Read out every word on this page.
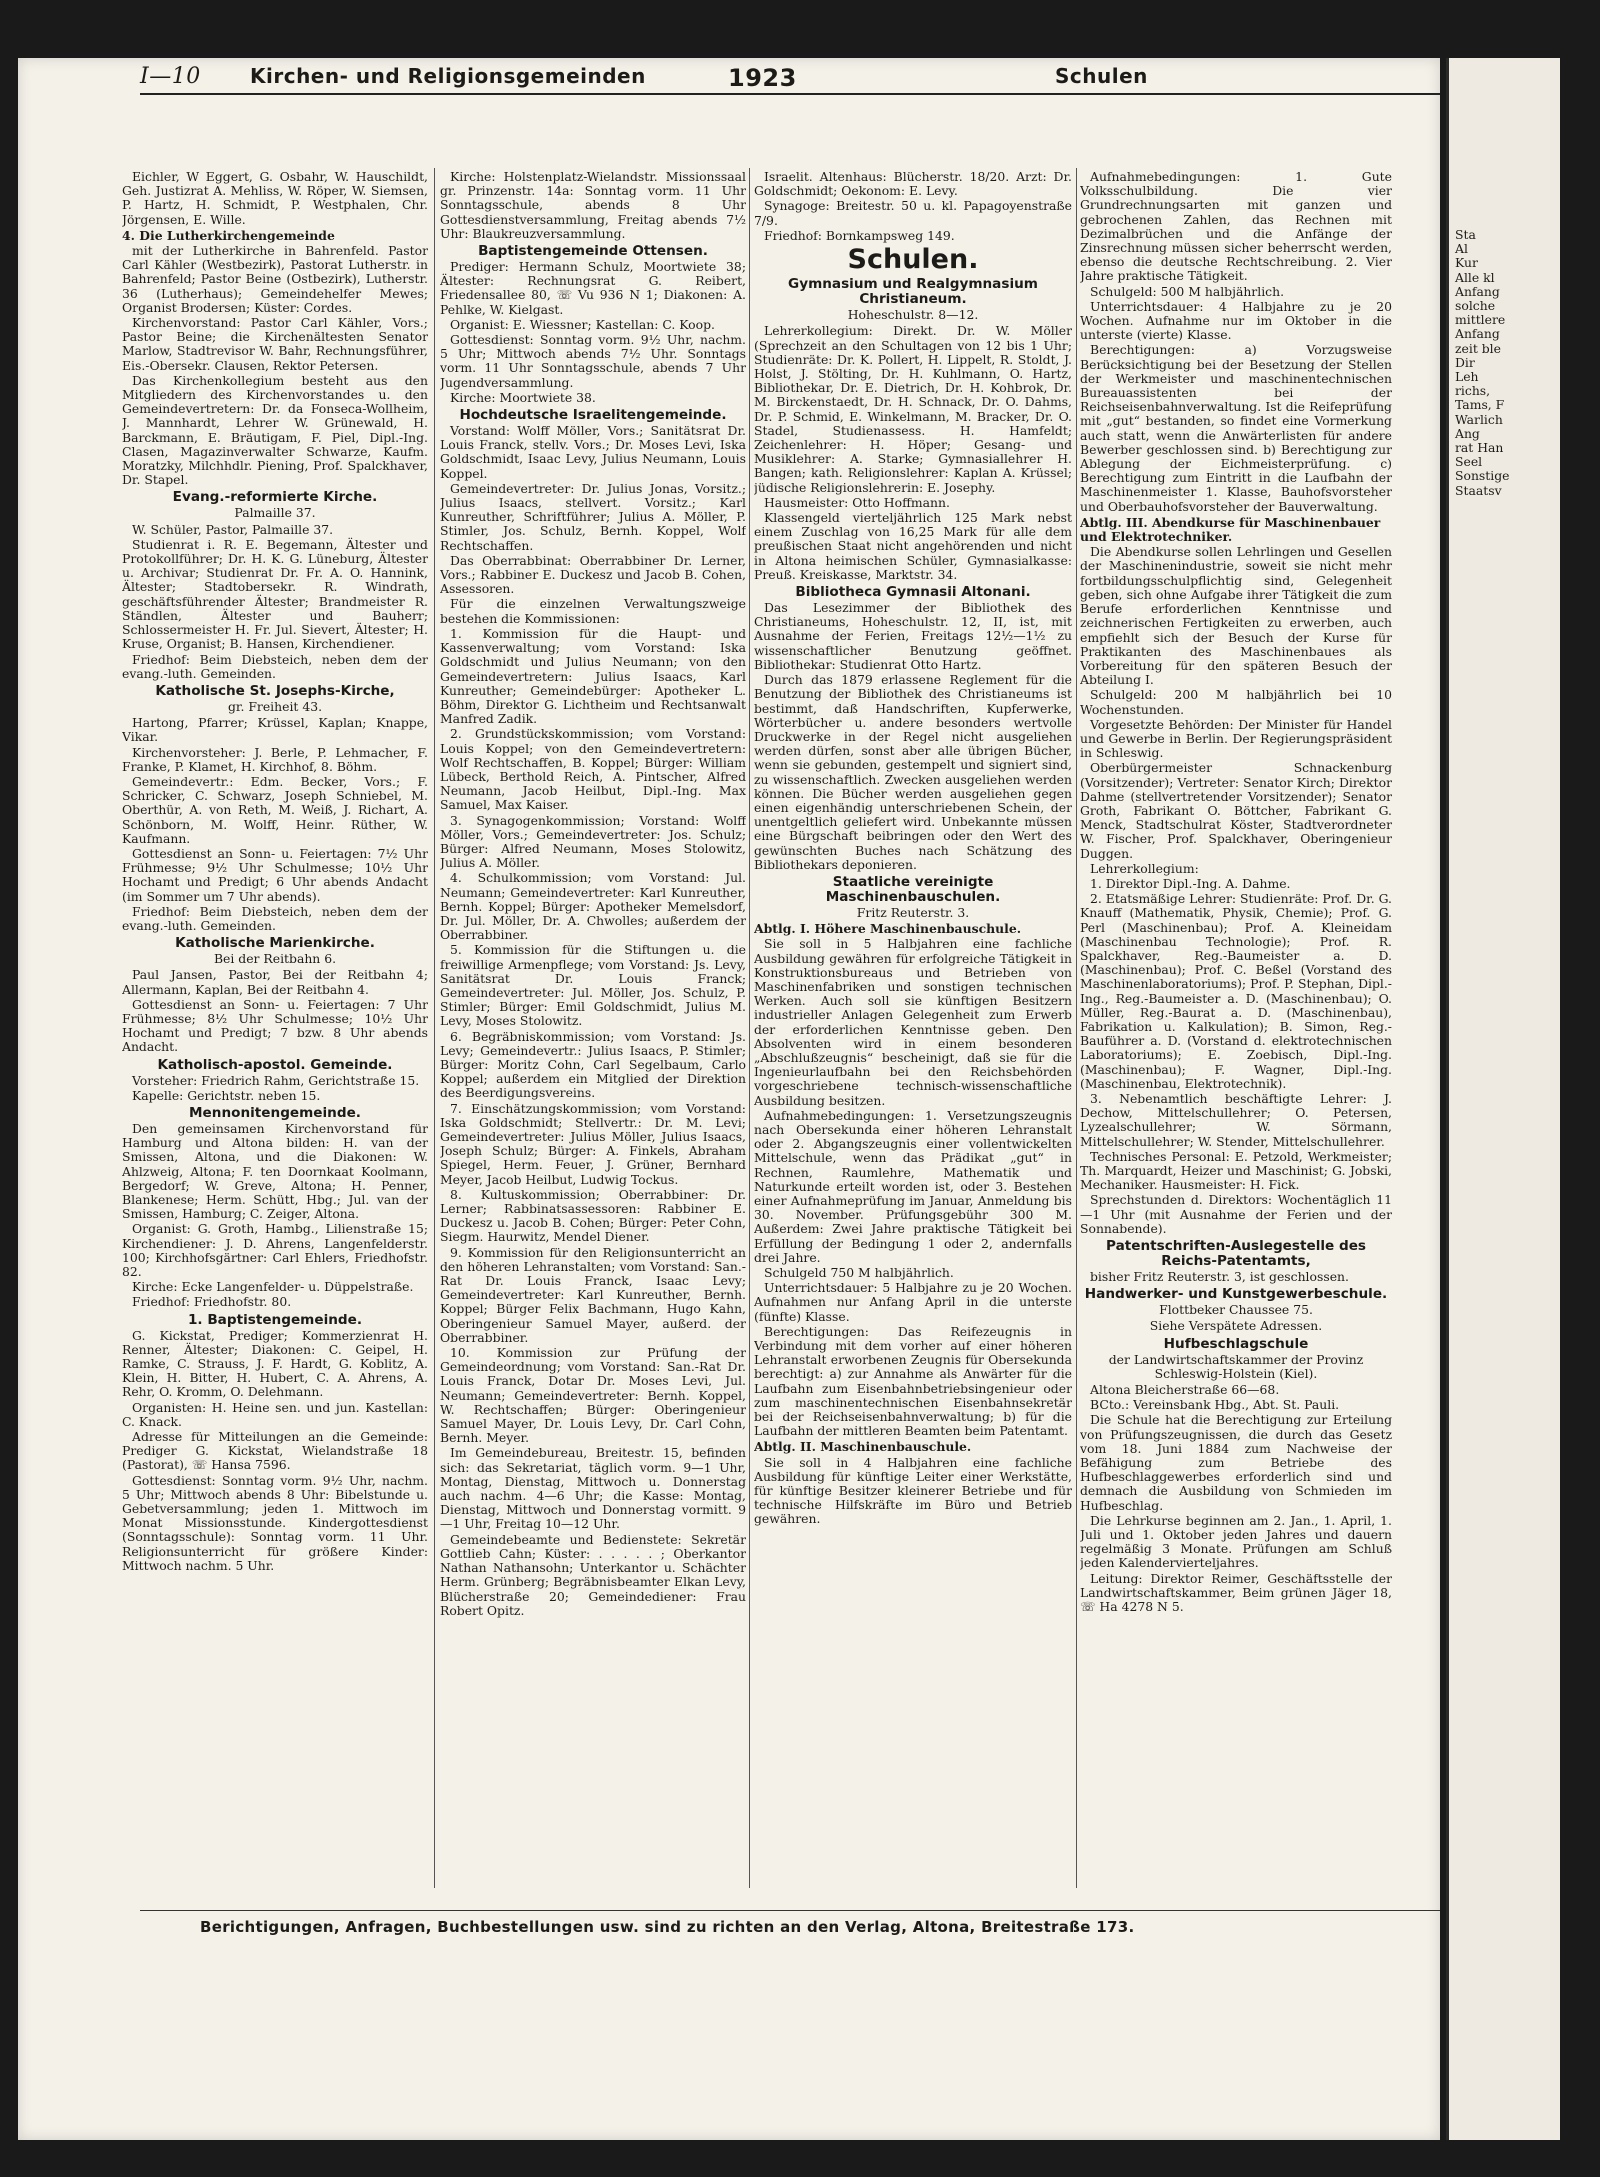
Sta
Al
Kur
Alle kl
Anfang
solche
mittlere
Anfang
zeit ble
Dir
Leh
richs,
Tams, F
Warlich
Ang
rat Han
Seel
Sonstige
Staatsv
I—10 Kirchen- und Religionsgemeinden	1923	Schulen

Eichler, W Eggert, G. Osbahr, W. Hauschildt, Geh. Justizrat A. Mehliss, W. Röper, W. Siemsen, P. Hartz, H. Schmidt, P. Westphalen, Chr. Jörgensen, E. Wille.

4. Die Lutherkirchengemeinde

mit der Lutherkirche in Bahrenfeld. Pastor Carl Kähler (Westbezirk), Pastorat Lutherstr. in Bahrenfeld; Pastor Beine (Ostbezirk), Lutherstr. 36 (Lutherhaus); Gemeindehelfer Mewes; Organist Brodersen; Küster: Cordes.

Kirchenvorstand: Pastor Carl Kähler, Vors.; Pastor Beine; die Kirchenältesten Senator Marlow, Stadtrevisor W. Bahr, Rechnungsführer, Eis.-Obersekr. Clausen, Rektor Petersen.

Das Kirchenkollegium besteht aus den Mitgliedern des Kirchenvorstandes u. den Gemeindevertretern: Dr. da Fonseca-Wollheim, J. Mannhardt, Lehrer W. Grünewald, H. Barckmann, E. Bräutigam, F. Piel, Dipl.-Ing. Clasen, Magazinverwalter Schwarze, Kaufm. Moratzky, Milchhdlr. Piening, Prof. Spalckhaver, Dr. Stapel.

Evang.-reformierte Kirche.
Palmaille 37.

W. Schüler, Pastor, Palmaille 37.

Studienrat i. R. E. Begemann, Ältester und Protokollführer; Dr. H. K. G. Lüneburg, Ältester u. Archivar; Studienrat Dr. Fr. A. O. Hannink, Ältester; Stadtobersekr. R. Windrath, geschäftsführender Ältester; Brandmeister R. Ständlen, Ältester und Bauherr; Schlossermeister H. Fr. Jul. Sievert, Ältester; H. Kruse, Organist; B. Hansen, Kirchendiener.

Friedhof: Beim Diebsteich, neben dem der evang.-luth. Gemeinden.

Katholische St. Josephs-Kirche,
gr. Freiheit 43.

Hartong, Pfarrer; Krüssel, Kaplan; Knappe, Vikar.

Kirchenvorsteher: J. Berle, P. Lehmacher, F. Franke, P. Klamet, H. Kirchhof, 8. Böhm.

Gemeindevertr.: Edm. Becker, Vors.; F. Schricker, C. Schwarz, Joseph Schniebel, M. Oberthür, A. von Reth, M. Weiß, J. Richart, A. Schönborn, M. Wolff, Heinr. Rüther, W. Kaufmann.

Gottesdienst an Sonn- u. Feiertagen: 7½ Uhr Frühmesse; 9½ Uhr Schulmesse; 10½ Uhr Hochamt und Predigt; 6 Uhr abends Andacht (im Sommer um 7 Uhr abends).

Friedhof: Beim Diebsteich, neben dem der evang.-luth. Gemeinden.

Katholische Marienkirche.
Bei der Reitbahn 6.

Paul Jansen, Pastor, Bei der Reitbahn 4; Allermann, Kaplan, Bei der Reitbahn 4.

Gottesdienst an Sonn- u. Feiertagen: 7 Uhr Frühmesse; 8½ Uhr Schulmesse; 10½ Uhr Hochamt und Predigt; 7 bzw. 8 Uhr abends Andacht.

Katholisch-apostol. Gemeinde.

Vorsteher: Friedrich Rahm, Gerichtstraße 15.

Kapelle: Gerichtstr. neben 15.

Mennonitengemeinde.

Den gemeinsamen Kirchenvorstand für Hamburg und Altona bilden: H. van der Smissen, Altona, und die Diakonen: W. Ahlzweig, Altona; F. ten Doornkaat Koolmann, Bergedorf; W. Greve, Altona; H. Penner, Blankenese; Herm. Schütt, Hbg.; Jul. van der Smissen, Hamburg; C. Zeiger, Altona.

Organist: G. Groth, Hambg., Lilienstraße 15; Kirchendiener: J. D. Ahrens, Langenfelderstr. 100; Kirchhofsgärtner: Carl Ehlers, Friedhofstr. 82.

Kirche: Ecke Langenfelder- u. Düppelstraße.

Friedhof: Friedhofstr. 80.

1. Baptistengemeinde.

G. Kickstat, Prediger; Kommerzienrat H. Renner, Ältester; Diakonen: C. Geipel, H. Ramke, C. Strauss, J. F. Hardt, G. Koblitz, A. Klein, H. Bitter, H. Hubert, C. A. Ahrens, A. Rehr, O. Kromm, O. Delehmann.

Organisten: H. Heine sen. und jun. Kastellan: C. Knack.

Adresse für Mitteilungen an die Gemeinde: Prediger G. Kickstat, Wielandstraße 18 (Pastorat), ☏ Hansa 7596.

Gottesdienst: Sonntag vorm. 9½ Uhr, nachm. 5 Uhr; Mittwoch abends 8 Uhr: Bibelstunde u. Gebetversammlung; jeden 1. Mittwoch im Monat Missionsstunde. Kindergottesdienst (Sonntagsschule): Sonntag vorm. 11 Uhr. Religionsunterricht für größere Kinder: Mittwoch nachm. 5 Uhr.

Kirche: Holstenplatz-Wielandstr. Missionssaal gr. Prinzenstr. 14a: Sonntag vorm. 11 Uhr Sonntagsschule, abends 8 Uhr Gottesdienstversammlung, Freitag abends 7½ Uhr: Blaukreuzversammlung.

Baptistengemeinde Ottensen.

Prediger: Hermann Schulz, Moortwiete 38; Ältester: Rechnungsrat G. Reibert, Friedensallee 80, ☏ Vu 936 N 1; Diakonen: A. Pehlke, W. Kielgast.

Organist: E. Wiessner; Kastellan: C. Koop.

Gottesdienst: Sonntag vorm. 9½ Uhr, nachm. 5 Uhr; Mittwoch abends 7½ Uhr. Sonntags vorm. 11 Uhr Sonntagsschule, abends 7 Uhr Jugendversammlung.

Kirche: Moortwiete 38.

Hochdeutsche Israelitengemeinde.

Vorstand: Wolff Möller, Vors.; Sanitätsrat Dr. Louis Franck, stellv. Vors.; Dr. Moses Levi, Iska Goldschmidt, Isaac Levy, Julius Neumann, Louis Koppel.

Gemeindevertreter: Dr. Julius Jonas, Vorsitz.; Julius Isaacs, stellvert. Vorsitz.; Karl Kunreuther, Schriftführer; Julius A. Möller, P. Stimler, Jos. Schulz, Bernh. Koppel, Wolf Rechtschaffen.

Das Oberrabbinat: Oberrabbiner Dr. Lerner, Vors.; Rabbiner E. Duckesz und Jacob B. Cohen, Assessoren.

Für die einzelnen Verwaltungszweige bestehen die Kommissionen:

1. Kommission für die Haupt- und Kassenverwaltung; vom Vorstand: Iska Goldschmidt und Julius Neumann; von den Gemeindevertretern: Julius Isaacs, Karl Kunreuther; Gemeindebürger: Apotheker L. Böhm, Direktor G. Lichtheim und Rechtsanwalt Manfred Zadik.

2. Grundstückskommission; vom Vorstand: Louis Koppel; von den Gemeindevertretern: Wolf Rechtschaffen, B. Koppel; Bürger: William Lübeck, Berthold Reich, A. Pintscher, Alfred Neumann, Jacob Heilbut, Dipl.-Ing. Max Samuel, Max Kaiser.

3. Synagogenkommission; Vorstand: Wolff Möller, Vors.; Gemeindevertreter: Jos. Schulz; Bürger: Alfred Neumann, Moses Stolowitz, Julius A. Möller.

4. Schulkommission; vom Vorstand: Jul. Neumann; Gemeindevertreter: Karl Kunreuther, Bernh. Koppel; Bürger: Apotheker Memelsdorf, Dr. Jul. Möller, Dr. A. Chwolles; außerdem der Oberrabbiner.

5. Kommission für die Stiftungen u. die freiwillige Armenpflege; vom Vorstand: Js. Levy, Sanitätsrat Dr. Louis Franck; Gemeindevertreter: Jul. Möller, Jos. Schulz, P. Stimler; Bürger: Emil Goldschmidt, Julius M. Levy, Moses Stolowitz.

6. Begräbniskommission; vom Vorstand: Js. Levy; Gemeindevertr.: Julius Isaacs, P. Stimler; Bürger: Moritz Cohn, Carl Segelbaum, Carlo Koppel; außerdem ein Mitglied der Direktion des Beerdigungsvereins.

7. Einschätzungskommission; vom Vorstand: Iska Goldschmidt; Stellvertr.: Dr. M. Levi; Gemeindevertreter: Julius Möller, Julius Isaacs, Joseph Schulz; Bürger: A. Finkels, Abraham Spiegel, Herm. Feuer, J. Grüner, Bernhard Meyer, Jacob Heilbut, Ludwig Tockus.

8. Kultuskommission; Oberrabbiner: Dr. Lerner; Rabbinatsassessoren: Rabbiner E. Duckesz u. Jacob B. Cohen; Bürger: Peter Cohn, Siegm. Haurwitz, Mendel Diener.

9. Kommission für den Religionsunterricht an den höheren Lehranstalten; vom Vorstand: San.-Rat Dr. Louis Franck, Isaac Levy; Gemeindevertreter: Karl Kunreuther, Bernh. Koppel; Bürger Felix Bachmann, Hugo Kahn, Oberingenieur Samuel Mayer, außerd. der Oberrabbiner.

10. Kommission zur Prüfung der Gemeindeordnung; vom Vorstand: San.-Rat Dr. Louis Franck, Dotar Dr. Moses Levi, Jul. Neumann; Gemeindevertreter: Bernh. Koppel, W. Rechtschaffen; Bürger: Oberingenieur Samuel Mayer, Dr. Louis Levy, Dr. Carl Cohn, Bernh. Meyer.

Im Gemeindebureau, Breitestr. 15, befinden sich: das Sekretariat, täglich vorm. 9—1 Uhr, Montag, Dienstag, Mittwoch u. Donnerstag auch nachm. 4—6 Uhr; die Kasse: Montag, Dienstag, Mittwoch und Donnerstag vormitt. 9—1 Uhr, Freitag 10—12 Uhr.

Gemeindebeamte und Bedienstete: Sekretär Gottlieb Cahn; Küster: . . . . . ; Oberkantor Nathan Nathansohn; Unterkantor u. Schächter Herm. Grünberg; Begräbnisbeamter Elkan Levy, Blücherstraße 20; Gemeindediener: Frau Robert Opitz.

Israelit. Altenhaus: Blücherstr. 18/20. Arzt: Dr. Goldschmidt; Oekonom: E. Levy.

Synagoge: Breitestr. 50 u. kl. Papagoyenstraße 7/9.

Friedhof: Bornkampsweg 149.

Schulen.
Gymnasium und Realgymnasium Christianeum.
Hoheschulstr. 8—12.

Lehrerkollegium: Direkt. Dr. W. Möller (Sprechzeit an den Schultagen von 12 bis 1 Uhr; Studienräte: Dr. K. Pollert, H. Lippelt, R. Stoldt, J. Holst, J. Stölting, Dr. H. Kuhlmann, O. Hartz, Bibliothekar, Dr. E. Dietrich, Dr. H. Kohbrok, Dr. M. Birckenstaedt, Dr. H. Schnack, Dr. O. Dahms, Dr. P. Schmid, E. Winkelmann, M. Bracker, Dr. O. Stadel, Studienassess. H. Hamfeldt; Zeichenlehrer: H. Höper; Gesang- und Musiklehrer: A. Starke; Gymnasiallehrer H. Bangen; kath. Religionslehrer: Kaplan A. Krüssel; jüdische Religionslehrerin: E. Josephy.

Hausmeister: Otto Hoffmann.

Klassengeld vierteljährlich 125 Mark nebst einem Zuschlag von 16,25 Mark für alle dem preußischen Staat nicht angehörenden und nicht in Altona heimischen Schüler, Gymnasialkasse: Preuß. Kreiskasse, Marktstr. 34.

Bibliotheca Gymnasii Altonani.

Das Lesezimmer der Bibliothek des Christianeums, Hoheschulstr. 12, II, ist, mit Ausnahme der Ferien, Freitags 12½—1½ zu wissenschaftlicher Benutzung geöffnet. Bibliothekar: Studienrat Otto Hartz.

Durch das 1879 erlassene Reglement für die Benutzung der Bibliothek des Christianeums ist bestimmt, daß Handschriften, Kupferwerke, Wörterbücher u. andere besonders wertvolle Druckwerke in der Regel nicht ausgeliehen werden dürfen, sonst aber alle übrigen Bücher, wenn sie gebunden, gestempelt und signiert sind, zu wissenschaftlich. Zwecken ausgeliehen werden können. Die Bücher werden ausgeliehen gegen einen eigenhändig unterschriebenen Schein, der unentgeltlich geliefert wird. Unbekannte müssen eine Bürgschaft beibringen oder den Wert des gewünschten Buches nach Schätzung des Bibliothekars deponieren.

Staatliche vereinigte Maschinenbauschulen.
Fritz Reuterstr. 3.
Abtlg. I. Höhere Maschinenbauschule.

Sie soll in 5 Halbjahren eine fachliche Ausbildung gewähren für erfolgreiche Tätigkeit in Konstruktionsbureaus und Betrieben von Maschinenfabriken und sonstigen technischen Werken. Auch soll sie künftigen Besitzern industrieller Anlagen Gelegenheit zum Erwerb der erforderlichen Kenntnisse geben. Den Absolventen wird in einem besonderen „Abschlußzeugnis“ bescheinigt, daß sie für die Ingenieurlaufbahn bei den Reichsbehörden vorgeschriebene technisch-wissenschaftliche Ausbildung besitzen.

Aufnahmebedingungen: 1. Versetzungszeugnis nach Obersekunda einer höheren Lehranstalt oder 2. Abgangszeugnis einer vollentwickelten Mittelschule, wenn das Prädikat „gut“ in Rechnen, Raumlehre, Mathematik und Naturkunde erteilt worden ist, oder 3. Bestehen einer Aufnahmeprüfung im Januar, Anmeldung bis 30. November. Prüfungsgebühr 300 M. Außerdem: Zwei Jahre praktische Tätigkeit bei Erfüllung der Bedingung 1 oder 2, andernfalls drei Jahre.

Schulgeld 750 M halbjährlich.

Unterrichtsdauer: 5 Halbjahre zu je 20 Wochen. Aufnahmen nur Anfang April in die unterste (fünfte) Klasse.

Berechtigungen: Das Reifezeugnis in Verbindung mit dem vorher auf einer höheren Lehranstalt erworbenen Zeugnis für Obersekunda berechtigt: a) zur Annahme als Anwärter für die Laufbahn zum Eisenbahnbetriebsingenieur oder zum maschinentechnischen Eisenbahnsekretär bei der Reichseisenbahnverwaltung; b) für die Laufbahn der mittleren Beamten beim Patentamt.

Abtlg. II. Maschinenbauschule.

Sie soll in 4 Halbjahren eine fachliche Ausbildung für künftige Leiter einer Werkstätte, für künftige Besitzer kleinerer Betriebe und für technische Hilfskräfte im Büro und Betrieb gewähren.

Aufnahmebedingungen: 1. Gute Volksschulbildung. Die vier Grundrechnungsarten mit ganzen und gebrochenen Zahlen, das Rechnen mit Dezimalbrüchen und die Anfänge der Zinsrechnung müssen sicher beherrscht werden, ebenso die deutsche Rechtschreibung. 2. Vier Jahre praktische Tätigkeit.

Schulgeld: 500 M halbjährlich.

Unterrichtsdauer: 4 Halbjahre zu je 20 Wochen. Aufnahme nur im Oktober in die unterste (vierte) Klasse.

Berechtigungen: a) Vorzugsweise Berücksichtigung bei der Besetzung der Stellen der Werkmeister und maschinentechnischen Bureauassistenten bei der Reichseisenbahnverwaltung. Ist die Reifeprüfung mit „gut“ bestanden, so findet eine Vormerkung auch statt, wenn die Anwärterlisten für andere Bewerber geschlossen sind. b) Berechtigung zur Ablegung der Eichmeisterprüfung. c) Berechtigung zum Eintritt in die Laufbahn der Maschinenmeister 1. Klasse, Bauhofsvorsteher und Oberbauhofsvorsteher der Bauverwaltung.

Abtlg. III. Abendkurse für Maschinenbauer und Elektrotechniker.

Die Abendkurse sollen Lehrlingen und Gesellen der Maschinenindustrie, soweit sie nicht mehr fortbildungsschulpflichtig sind, Gelegenheit geben, sich ohne Aufgabe ihrer Tätigkeit die zum Berufe erforderlichen Kenntnisse und zeichnerischen Fertigkeiten zu erwerben, auch empfiehlt sich der Besuch der Kurse für Praktikanten des Maschinenbaues als Vorbereitung für den späteren Besuch der Abteilung I.

Schulgeld: 200 M halbjährlich bei 10 Wochenstunden.

Vorgesetzte Behörden: Der Minister für Handel und Gewerbe in Berlin. Der Regierungspräsident in Schleswig.

Oberbürgermeister Schnackenburg (Vorsitzender); Vertreter: Senator Kirch; Direktor Dahme (stellvertretender Vorsitzender); Senator Groth, Fabrikant O. Böttcher, Fabrikant G. Menck, Stadtschulrat Köster, Stadtverordneter W. Fischer, Prof. Spalckhaver, Oberingenieur Duggen.

Lehrerkollegium:

1. Direktor Dipl.-Ing. A. Dahme.

2. Etatsmäßige Lehrer: Studienräte: Prof. Dr. G. Knauff (Mathematik, Physik, Chemie); Prof. G. Perl (Maschinenbau); Prof. A. Kleineidam (Maschinenbau Technologie); Prof. R. Spalckhaver, Reg.-Baumeister a. D. (Maschinenbau); Prof. C. Beßel (Vorstand des Maschinenlaboratoriums); Prof. P. Stephan, Dipl.-Ing., Reg.-Baumeister a. D. (Maschinenbau); O. Müller, Reg.-Baurat a. D. (Maschinenbau), Fabrikation u. Kalkulation); B. Simon, Reg.-Bauführer a. D. (Vorstand d. elektrotechnischen Laboratoriums); E. Zoebisch, Dipl.-Ing. (Maschinenbau); F. Wagner, Dipl.-Ing. (Maschinenbau, Elektrotechnik).

3. Nebenamtlich beschäftigte Lehrer: J. Dechow, Mittelschullehrer; O. Petersen, Lyzealschullehrer; W. Sörmann, Mittelschullehrer; W. Stender, Mittelschullehrer.

Technisches Personal: E. Petzold, Werkmeister; Th. Marquardt, Heizer und Maschinist; G. Jobski, Mechaniker. Hausmeister: H. Fick.

Sprechstunden d. Direktors: Wochentäglich 11—1 Uhr (mit Ausnahme der Ferien und der Sonnabende).

Patentschriften-Auslegestelle des Reichs-Patentamts,

bisher Fritz Reuterstr. 3, ist geschlossen.

Handwerker- und Kunstgewerbeschule.
Flottbeker Chaussee 75.
Siehe Verspätete Adressen.
Hufbeschlagschule
der Landwirtschaftskammer der Provinz Schleswig-Holstein (Kiel).

Altona Bleicherstraße 66—68.

BCto.: Vereinsbank Hbg., Abt. St. Pauli.

Die Schule hat die Berechtigung zur Erteilung von Prüfungszeugnissen, die durch das Gesetz vom 18. Juni 1884 zum Nachweise der Befähigung zum Betriebe des Hufbeschlaggewerbes erforderlich sind und demnach die Ausbildung von Schmieden im Hufbeschlag.

Die Lehrkurse beginnen am 2. Jan., 1. April, 1. Juli und 1. Oktober jeden Jahres und dauern regelmäßig 3 Monate. Prüfungen am Schluß jeden Kalendervierteljahres.

Leitung: Direktor Reimer, Geschäftsstelle der Landwirtschaftskammer, Beim grünen Jäger 18, ☏ Ha 4278 N 5.

Berichtigungen, Anfragen, Buchbestellungen usw. sind zu richten an den Verlag, Altona, Breitestraße 173.
